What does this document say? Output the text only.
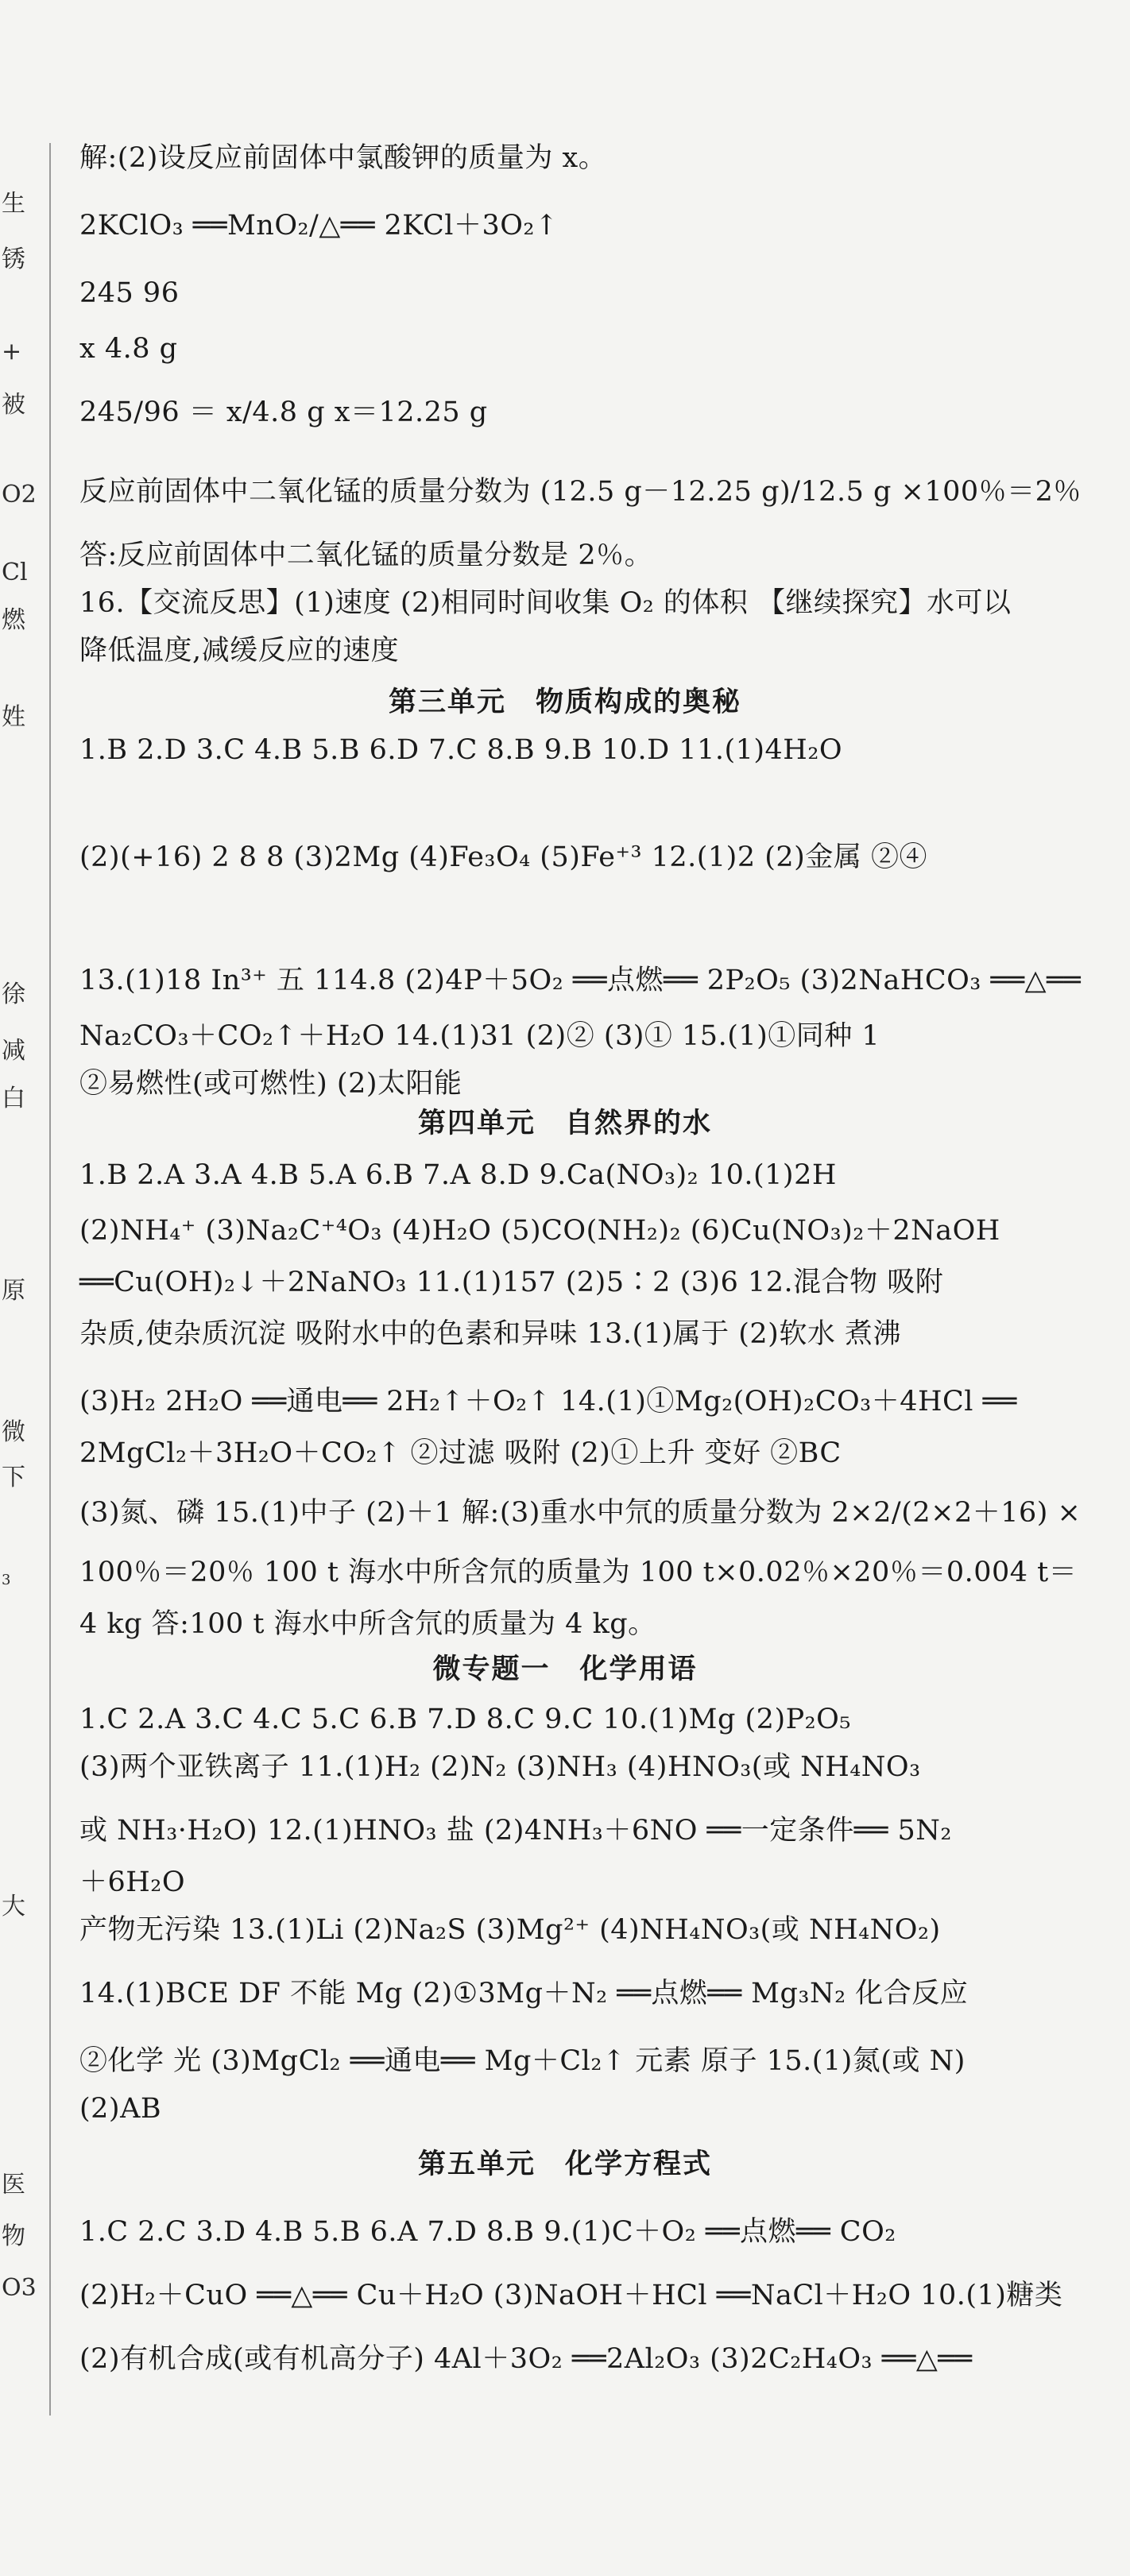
生
锈
+
被
O2
Cl
燃
姓
徐
减
白
原
微
下
3
大
医
物
O3

解:(2)设反应前固体中氯酸钾的质量为 x。

2KClO₃ ══MnO₂/△══ 2KCl＋3O₂↑

245 96

x 4.8 g

245/96 ＝ x/4.8 g x＝12.25 g

反应前固体中二氧化锰的质量分数为 (12.5 g－12.25 g)/12.5 g ×100％＝2％

答:反应前固体中二氧化锰的质量分数是 2％。

16.【交流反思】(1)速度 (2)相同时间收集 O₂ 的体积 【继续探究】水可以

降低温度,减缓反应的速度

第三单元　物质构成的奥秘

1.B 2.D 3.C 4.B 5.B 6.D 7.C 8.B 9.B 10.D 11.(1)4H₂O

(2)(+16) 2 8 8 (3)2Mg (4)Fe₃O₄ (5)Fe⁺³ 12.(1)2 (2)金属 ②④

13.(1)18 In³⁺ 五 114.8 (2)4P＋5O₂ ══点燃══ 2P₂O₅ (3)2NaHCO₃ ══△══

Na₂CO₃＋CO₂↑＋H₂O 14.(1)31 (2)② (3)① 15.(1)①同种 1

②易燃性(或可燃性) (2)太阳能

第四单元　自然界的水

1.B 2.A 3.A 4.B 5.A 6.B 7.A 8.D 9.Ca(NO₃)₂ 10.(1)2H

(2)NH₄⁺ (3)Na₂C⁺⁴O₃ (4)H₂O (5)CO(NH₂)₂ (6)Cu(NO₃)₂＋2NaOH

══Cu(OH)₂↓＋2NaNO₃ 11.(1)157 (2)5∶2 (3)6 12.混合物 吸附

杂质,使杂质沉淀 吸附水中的色素和异味 13.(1)属于 (2)软水 煮沸

(3)H₂ 2H₂O ══通电══ 2H₂↑＋O₂↑ 14.(1)①Mg₂(OH)₂CO₃＋4HCl ══

2MgCl₂＋3H₂O＋CO₂↑ ②过滤 吸附 (2)①上升 变好 ②BC

(3)氮、磷 15.(1)中子 (2)＋1 解:(3)重水中氘的质量分数为 2×2/(2×2＋16) ×

100％＝20％ 100 t 海水中所含氘的质量为 100 t×0.02％×20％＝0.004 t＝

4 kg 答:100 t 海水中所含氘的质量为 4 kg。

微专题一　化学用语

1.C 2.A 3.C 4.C 5.C 6.B 7.D 8.C 9.C 10.(1)Mg (2)P₂O₅

(3)两个亚铁离子 11.(1)H₂ (2)N₂ (3)NH₃ (4)HNO₃(或 NH₄NO₃

或 NH₃·H₂O) 12.(1)HNO₃ 盐 (2)4NH₃＋6NO ══一定条件══ 5N₂

＋6H₂O

产物无污染 13.(1)Li (2)Na₂S (3)Mg²⁺ (4)NH₄NO₃(或 NH₄NO₂)

14.(1)BCE DF 不能 Mg (2)①3Mg＋N₂ ══点燃══ Mg₃N₂ 化合反应

②化学 光 (3)MgCl₂ ══通电══ Mg＋Cl₂↑ 元素 原子 15.(1)氮(或 N)

(2)AB

第五单元　化学方程式

1.C 2.C 3.D 4.B 5.B 6.A 7.D 8.B 9.(1)C＋O₂ ══点燃══ CO₂

(2)H₂＋CuO ══△══ Cu＋H₂O (3)NaOH＋HCl ══NaCl＋H₂O 10.(1)糖类

(2)有机合成(或有机高分子) 4Al＋3O₂ ══2Al₂O₃ (3)2C₂H₄O₃ ══△══
